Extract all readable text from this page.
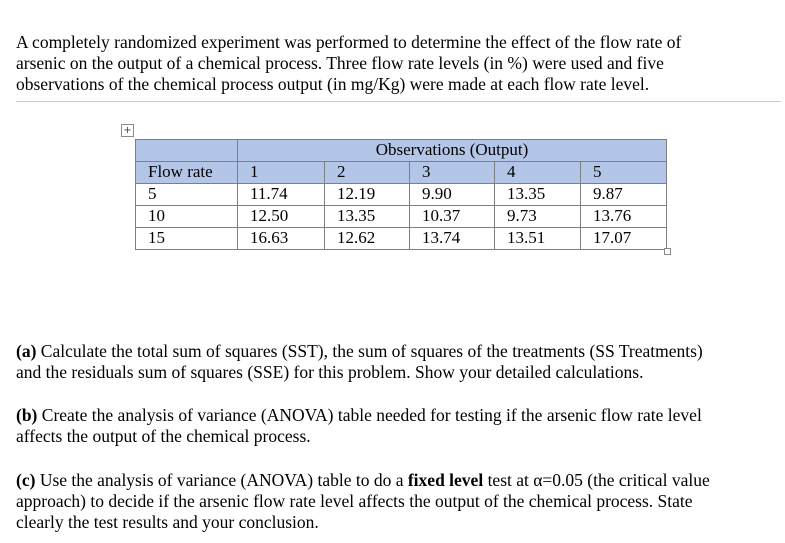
A completely randomized experiment was performed to determine the effect of the flow rate of

arsenic on the output of a chemical process. Three flow rate levels (in %) were used and five

observations of the chemical process output (in mg/Kg) were made at each flow rate level.

+
	Observations (Output)				
Flow rate	1	2	3	4	5
5	11.74	12.19	9.90	13.35	9.87
10	12.50	13.35	10.37	9.73	13.76
15	16.63	12.62	13.74	13.51	17.07
(a) Calculate the total sum of squares (SST), the sum of squares of the treatments (SS Treatments)
and the residuals sum of squares (SSE) for this problem. Show your detailed calculations.
(b) Create the analysis of variance (ANOVA) table needed for testing if the arsenic flow rate level
affects the output of the chemical process.
(c) Use the analysis of variance (ANOVA) table to do a fixed level test at α=0.05 (the critical value
approach) to decide if the arsenic flow rate level affects the output of the chemical process. State
clearly the test results and your conclusion.
